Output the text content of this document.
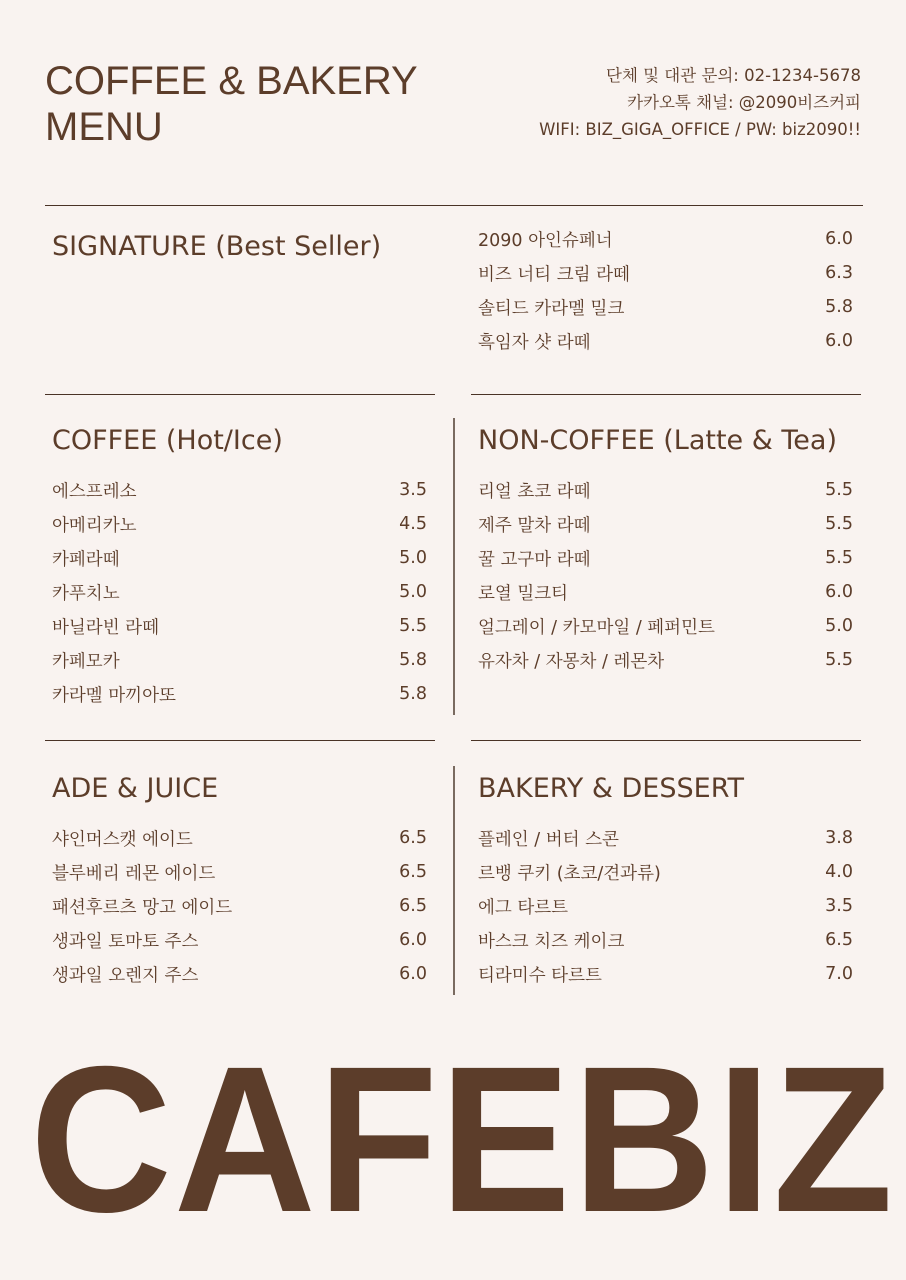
COFFEE & BAKERY
MENU
단체 및 대관 문의: 02-1234-5678
카카오톡 채널: @2090비즈커피
WIFI: BIZ_GIGA_OFFICE / PW: biz2090!!
SIGNATURE (Best Seller)	2090 아인슈페너	6.0
비즈 너티 크림 라떼	6.3
솔티드 카라멜 밀크	5.8
흑임자 샷 라떼	6.0
COFFEE (Hot/Ice)
에스프레소	3.5
아메리카노	4.5
카페라떼	5.0
카푸치노	5.0
바닐라빈 라떼	5.5
카페모카	5.8
카라멜 마끼아또	5.8
NON-COFFEE (Latte & Tea)
리얼 초코 라떼	5.5
제주 말차 라떼	5.5
꿀 고구마 라떼	5.5
로열 밀크티	6.0
얼그레이 / 카모마일 / 페퍼민트	5.0
유자차 / 자몽차 / 레몬차	5.5
ADE & JUICE
샤인머스캣 에이드	6.5
블루베리 레몬 에이드	6.5
패션후르츠 망고 에이드	6.5
생과일 토마토 주스	6.0
생과일 오렌지 주스	6.0
BAKERY & DESSERT
플레인 / 버터 스콘	3.8
르뱅 쿠키 (초코/견과류)	4.0
에그 타르트	3.5
바스크 치즈 케이크	6.5
티라미수 타르트	7.0
CAFEBIZ
